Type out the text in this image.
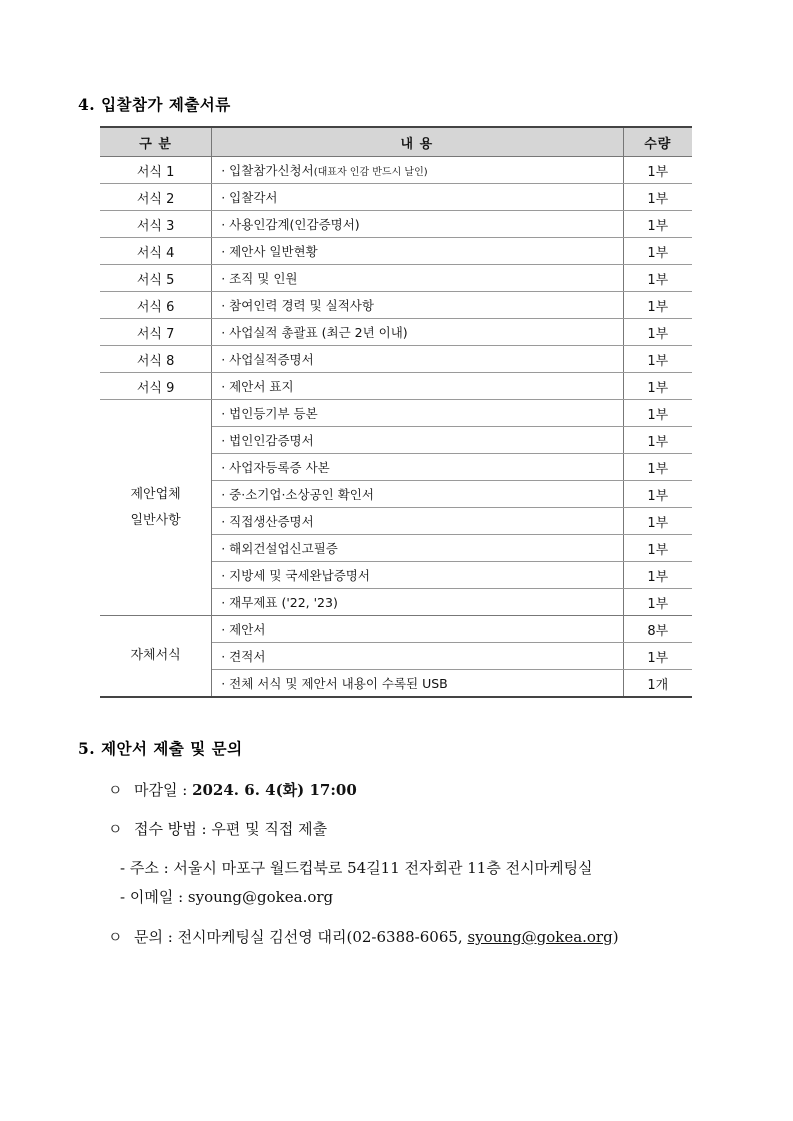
4. 입찰참가 제출서류
구 분	내 용	수량
서식 1	· 입찰참가신청서(대표자 인감 반드시 날인)	1부
서식 2	· 입찰각서	1부
서식 3	· 사용인감계(인감증명서)	1부
서식 4	· 제안사 일반현황	1부
서식 5	· 조직 및 인원	1부
서식 6	· 참여인력 경력 및 실적사항	1부
서식 7	· 사업실적 총괄표 (최근 2년 이내)	1부
서식 8	· 사업실적증명서	1부
서식 9	· 제안서 표지	1부

제안업체
일반사항	· 법인등기부 등본	1부
	· 법인인감증명서	1부
	· 사업자등록증 사본	1부
	· 중·소기업·소상공인 확인서	1부
	· 직접생산증명서	1부
	· 해외건설업신고필증	1부
	· 지방세 및 국세완납증명서	1부
	· 재무제표 ('22, '23)	1부
자체서식	· 제안서	8부
	· 견적서	1부
	· 전체 서식 및 제안서 내용이 수록된 USB	1개
5. 제안서 제출 및 문의
ㅇ 마감일 : 2024. 6. 4(화) 17:00
ㅇ 접수 방법 : 우편 및 직접 제출
- 주소 : 서울시 마포구 월드컵북로 54길11 전자회관 11층 전시마케팅실
- 이메일 : syoung@gokea.org
ㅇ 문의 : 전시마케팅실 김선영 대리(02-6388-6065, syoung@gokea.org)
